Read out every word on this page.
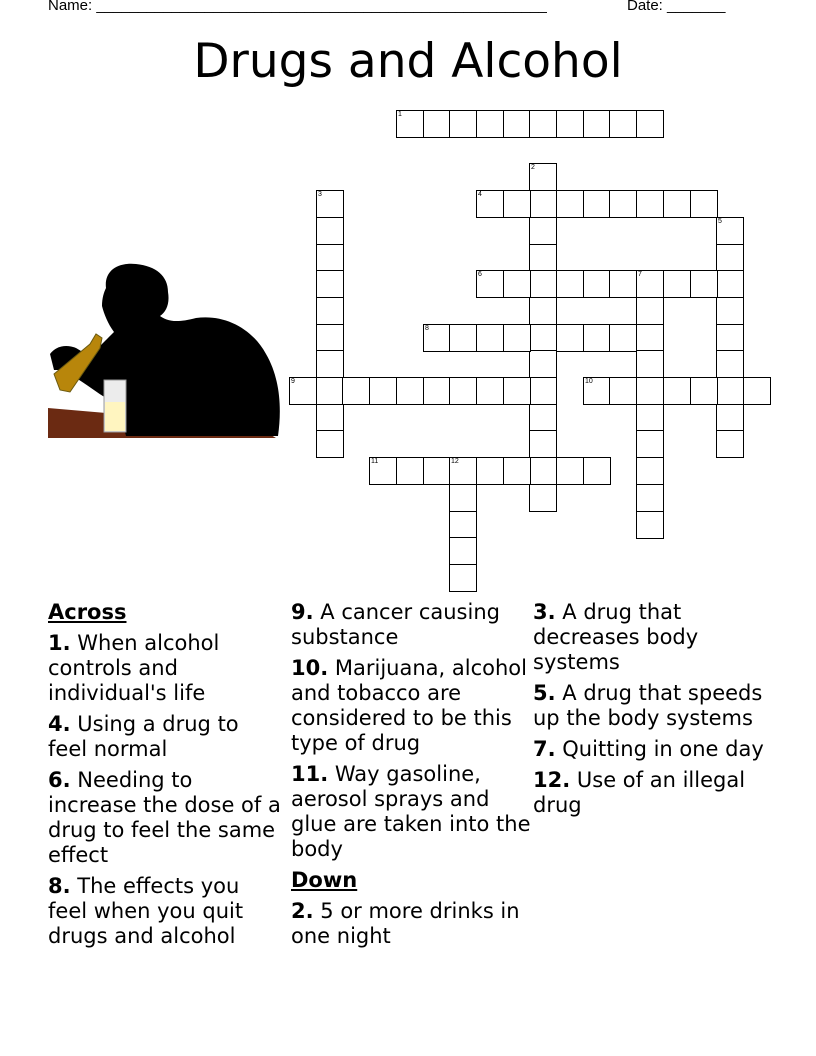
Name: ______________________________________________________	Date: _______
Drugs and Alcohol
1
2
3	4
5
6	7
8
9	10
11	12
Across
1. When alcohol controls and individual's life
4. Using a drug to feel normal
6. Needing to increase the dose of a drug to feel the same effect
8. The effects you feel when you quit drugs and alcohol
9. A cancer causing substance
10. Marijuana, alcohol and tobacco are considered to be this type of drug
11. Way gasoline, aerosol sprays and glue are taken into the body
Down
2. 5 or more drinks in one night
3. A drug that decreases body systems
5. A drug that speeds up the body systems
7. Quitting in one day
12. Use of an illegal drug
